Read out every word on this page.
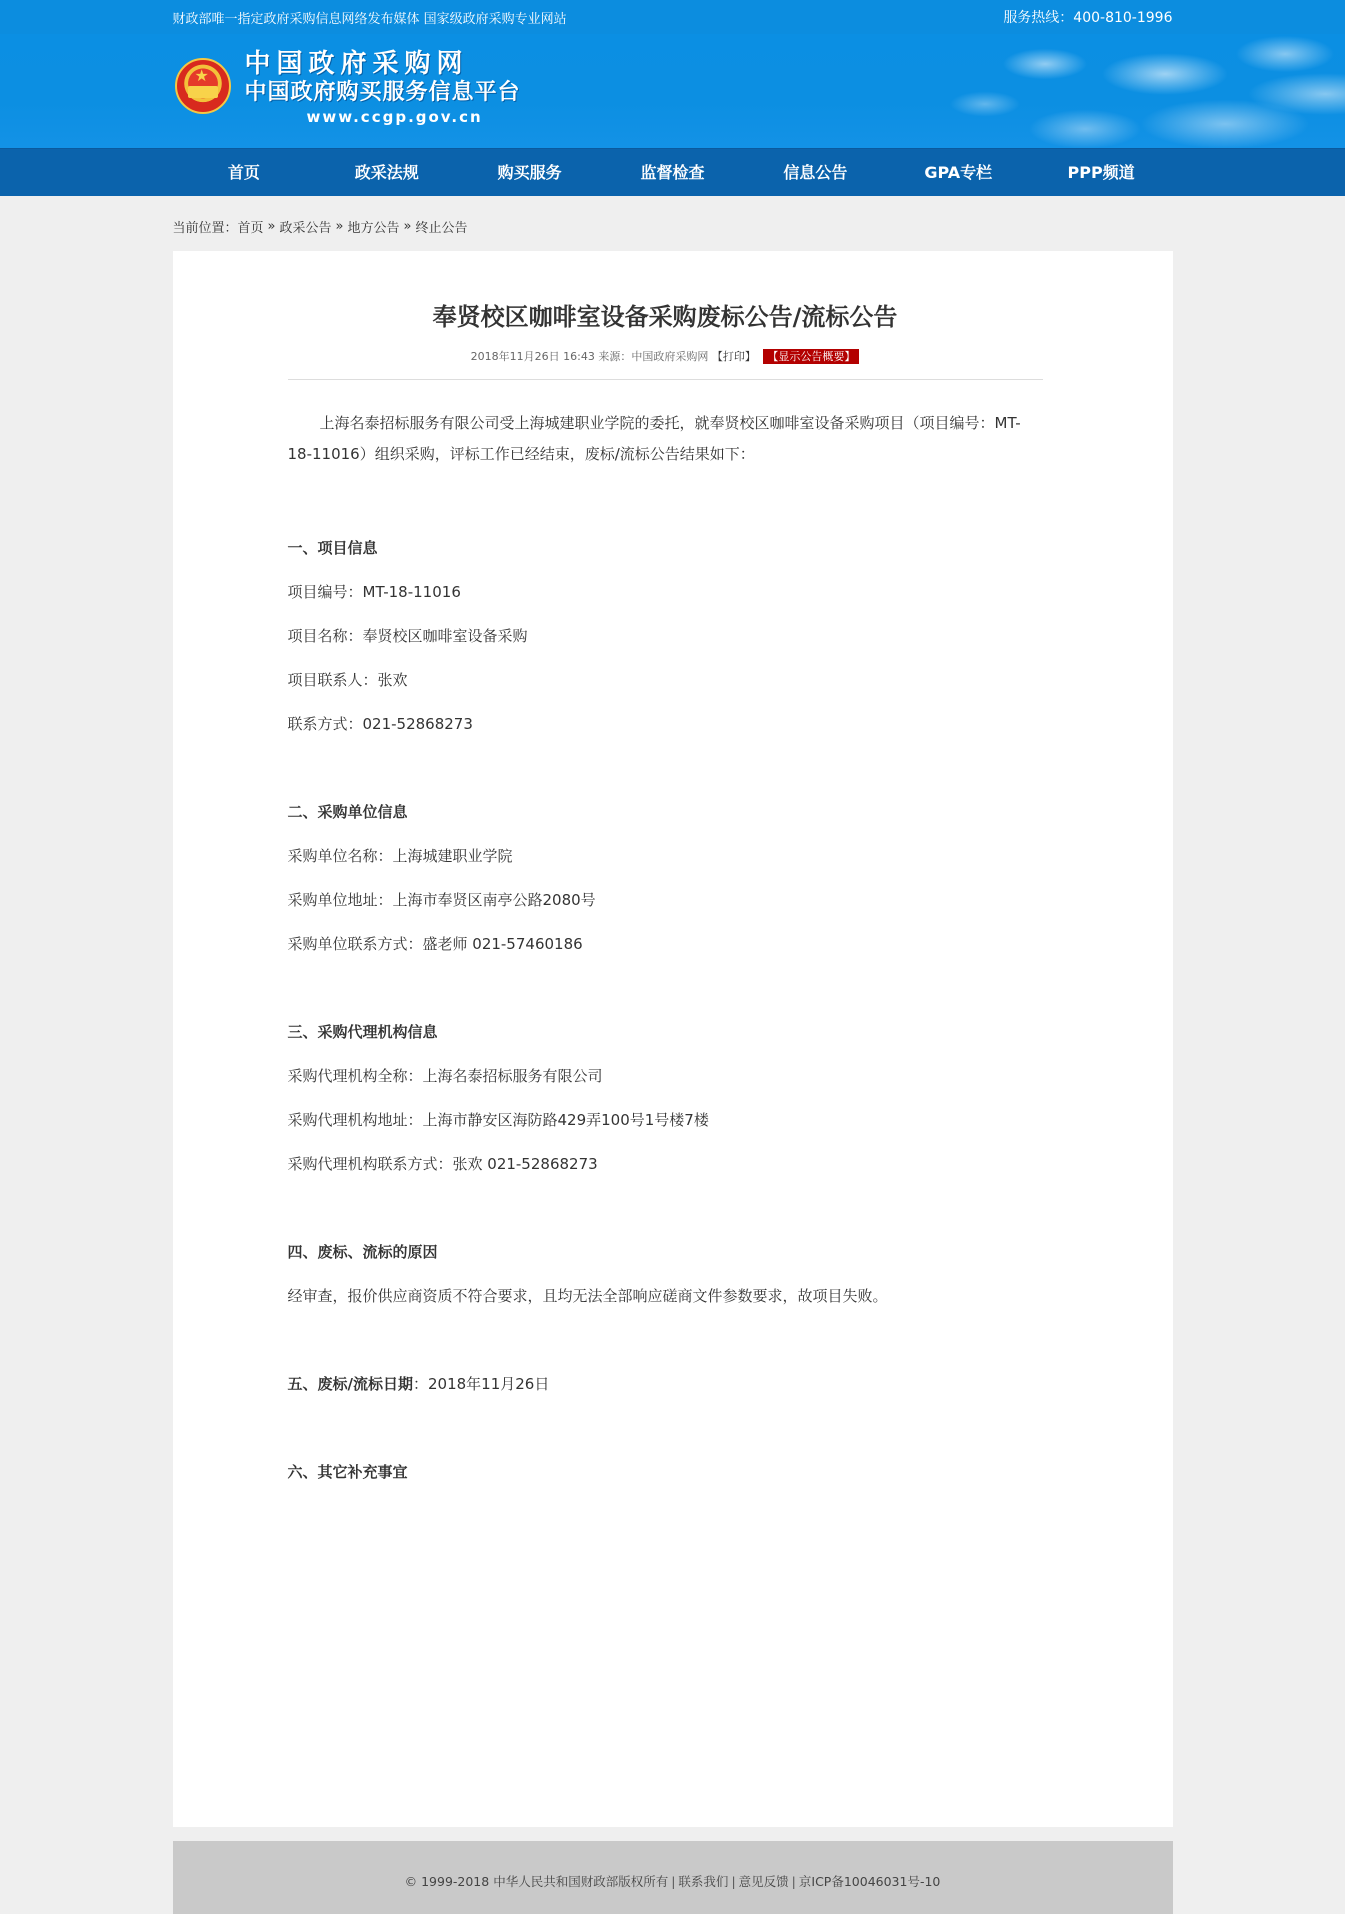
财政部唯一指定政府采购信息网络发布媒体 国家级政府采购专业网站	服务热线：400-810-1996
★ 中国政府采购网
中国政府购买服务信息平台
www.ccgp.gov.cn
首页	政采法规	购买服务	监督检查	信息公告	GPA专栏	PPP频道
当前位置： 首页 » 政采公告 » 地方公告 » 终止公告
奉贤校区咖啡室设备采购废标公告/流标公告
2018年11月26日 16:43 来源：中国政府采购网 【打印】 【显示公告概要】

上海名泰招标服务有限公司受上海城建职业学院的委托，就奉贤校区咖啡室设备采购项目（项目编号：MT-18-11016）组织采购，评标工作已经结束，废标/流标公告结果如下：

一、项目信息

项目编号：MT-18-11016

项目名称：奉贤校区咖啡室设备采购

项目联系人：张欢

联系方式：021-52868273

二、采购单位信息

采购单位名称：上海城建职业学院

采购单位地址：上海市奉贤区南亭公路2080号

采购单位联系方式：盛老师 021-57460186

三、采购代理机构信息

采购代理机构全称：上海名泰招标服务有限公司

采购代理机构地址：上海市静安区海防路429弄100号1号楼7楼

采购代理机构联系方式：张欢 021-52868273

四、废标、流标的原因

经审查，报价供应商资质不符合要求，且均无法全部响应磋商文件参数要求，故项目失败。

五、废标/流标日期：2018年11月26日

六、其它补充事宜

© 1999-2018 中华人民共和国财政部版权所有 | 联系我们 | 意见反馈 | 京ICP备10046031号-10
